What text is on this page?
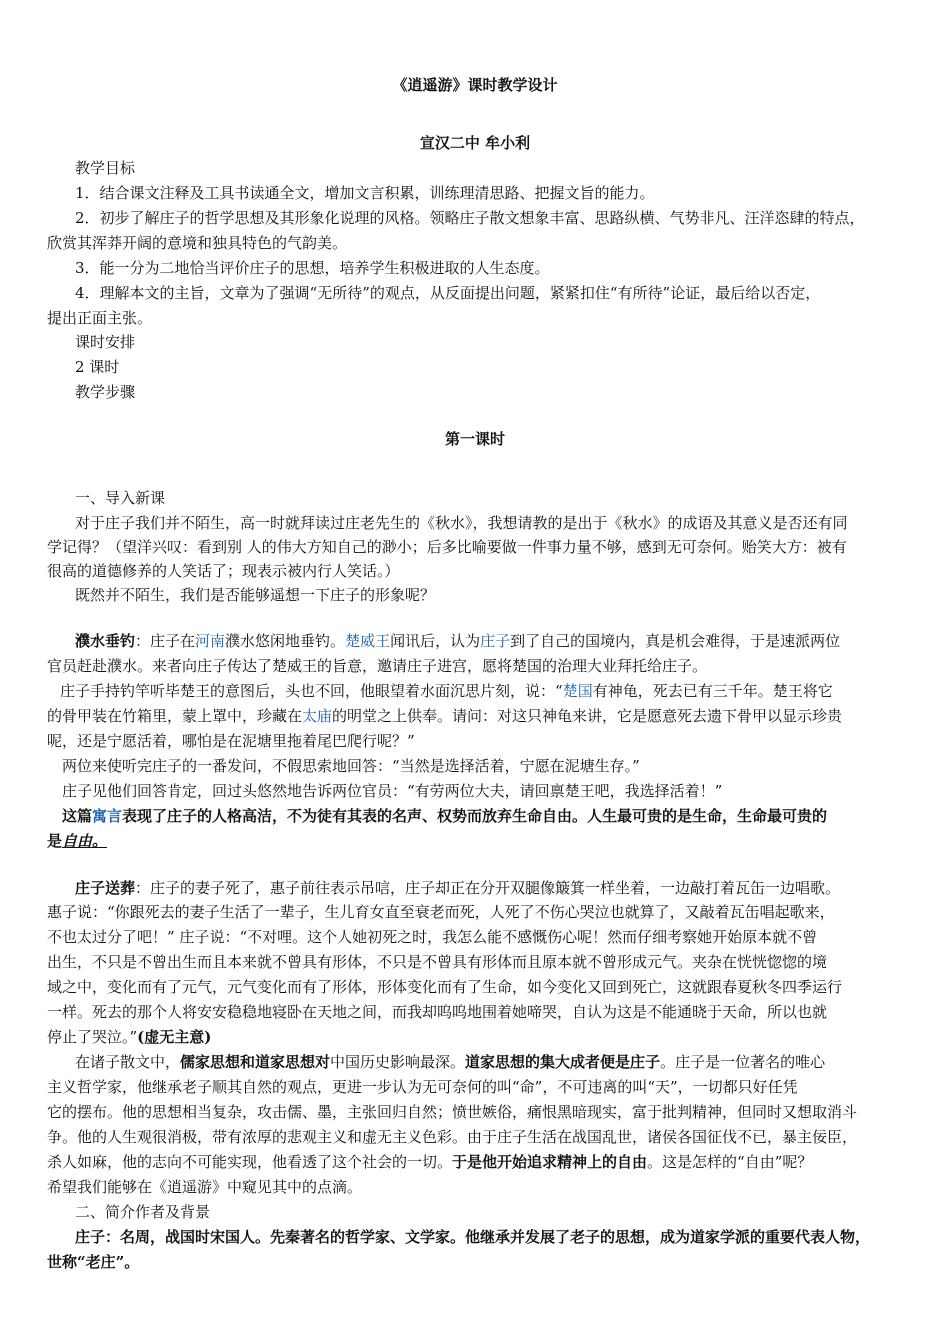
《逍遥游》课时教学设计
宣汉二中 牟小利
教学目标
1．结合课文注释及工具书读通全文，增加文言积累，训练理清思路、把握文旨的能力。
2．初步了解庄子的哲学思想及其形象化说理的风格。领略庄子散文想象丰富、思路纵横、气势非凡、汪洋恣肆的特点，
欣赏其浑莽开阔的意境和独具特色的气韵美。
3．能一分为二地恰当评价庄子的思想，培养学生积极进取的人生态度。
4．理解本文的主旨，文章为了强调“无所待”的观点，从反面提出问题，紧紧扣住“有所待”论证，最后给以否定，
提出正面主张。
课时安排
2 课时
教学步骤
第一课时
一、导入新课
对于庄子我们并不陌生，高一时就拜读过庄老先生的《秋水》，我想请教的是出于《秋水》的成语及其意义是否还有同
学记得？（望洋兴叹：看到别 人的伟大方知自己的渺小；后多比喻要做一件事力量不够，感到无可奈何。贻笑大方：被有
很高的道德修养的人笑话了；现表示被内行人笑话。）
既然并不陌生，我们是否能够遥想一下庄子的形象呢？
濮水垂钓：庄子在河南濮水悠闲地垂钓。楚威王闻讯后，认为庄子到了自己的国境内，真是机会难得，于是速派两位
官员赶赴濮水。来者向庄子传达了楚威王的旨意，邀请庄子进宫，愿将楚国的治理大业拜托给庄子。
庄子手持钓竿听毕楚王的意图后，头也不回，他眼望着水面沉思片刻，说：“楚国有神龟，死去已有三千年。楚王将它
的骨甲装在竹箱里，蒙上罩中，珍藏在太庙的明堂之上供奉。请问：对这只神龟来讲，它是愿意死去遗下骨甲以显示珍贵
呢，还是宁愿活着，哪怕是在泥塘里拖着尾巴爬行呢？”
两位来使听完庄子的一番发问，不假思索地回答：“当然是选择活着，宁愿在泥塘生存。”
庄子见他们回答肯定，回过头悠然地告诉两位官员：“有劳两位大夫，请回禀楚王吧，我选择活着！”
这篇寓言表现了庄子的人格高洁，不为徒有其表的名声、权势而放弃生命自由。人生最可贵的是生命，生命最可贵的
是自由。
庄子送葬：庄子的妻子死了，惠子前往表示吊唁，庄子却正在分开双腿像簸箕一样坐着，一边敲打着瓦缶一边唱歌。
惠子说：“你跟死去的妻子生活了一辈子，生儿育女直至衰老而死，人死了不伤心哭泣也就算了，又敲着瓦缶唱起歌来，
不也太过分了吧！” 庄子说：“不对哩。这个人她初死之时，我怎么能不感慨伤心呢！然而仔细考察她开始原本就不曾
出生，不只是不曾出生而且本来就不曾具有形体，不只是不曾具有形体而且原本就不曾形成元气。夹杂在恍恍惚惚的境
域之中，变化而有了元气，元气变化而有了形体，形体变化而有了生命，如今变化又回到死亡，这就跟春夏秋冬四季运行
一样。死去的那个人将安安稳稳地寝卧在天地之间，而我却呜呜地围着她啼哭，自认为这是不能通晓于天命，所以也就
停止了哭泣。”(虚无主意)
在诸子散文中，儒家思想和道家思想对中国历史影响最深。道家思想的集大成者便是庄子。庄子是一位著名的唯心
主义哲学家，他继承老子顺其自然的观点，更进一步认为无可奈何的叫“命”，不可违离的叫“天”，一切都只好任凭
它的摆布。他的思想相当复杂，攻击儒、墨，主张回归自然；愤世嫉俗，痛恨黑暗现实，富于批判精神，但同时又想取消斗
争。他的人生观很消极，带有浓厚的悲观主义和虚无主义色彩。由于庄子生活在战国乱世，诸侯各国征伐不已，暴主佞臣，
杀人如麻，他的志向不可能实现，他看透了这个社会的一切。于是他开始追求精神上的自由。这是怎样的“自由”呢？
希望我们能够在《逍遥游》中窥见其中的点滴。
二、简介作者及背景
庄子：名周，战国时宋国人。先秦著名的哲学家、文学家。他继承并发展了老子的思想，成为道家学派的重要代表人物，
世称“老庄”。
